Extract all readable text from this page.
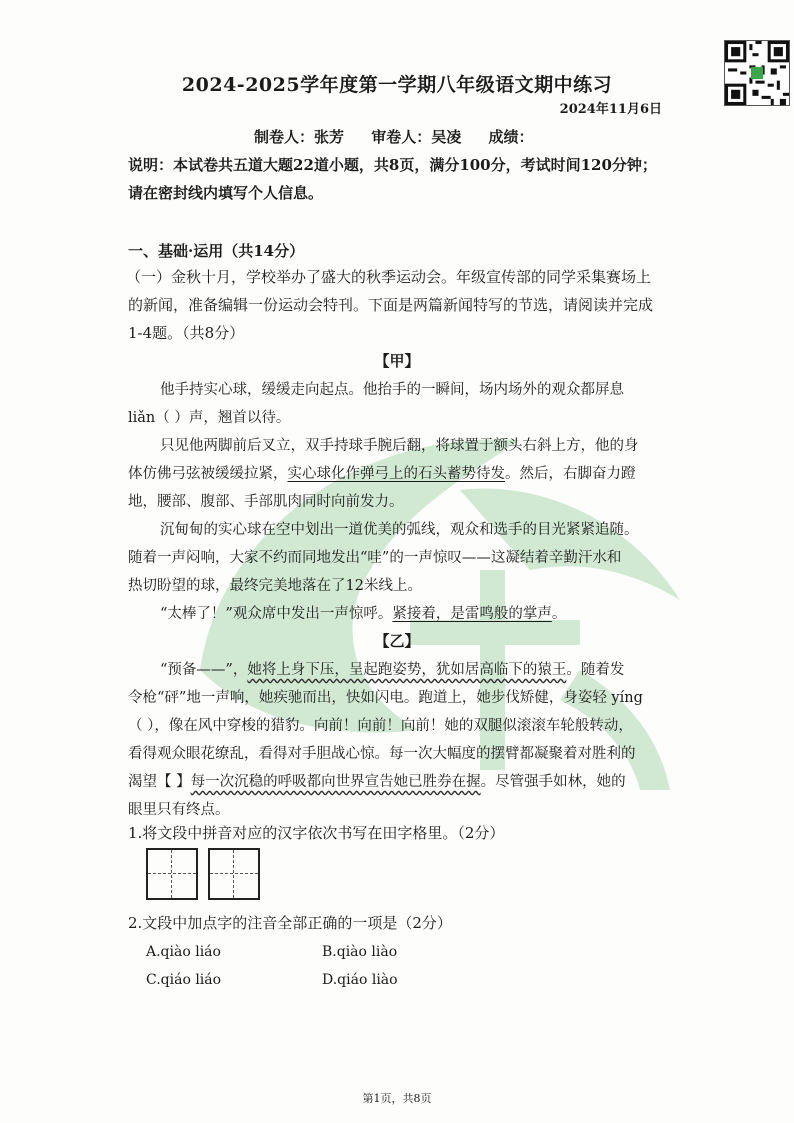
2024-2025学年度第一学期八年级语文期中练习
2024年11月6日
制卷人：张芳 审卷人：吴凌 成绩：
说明：本试卷共五道大题22道小题，共8页，满分100分，考试时间120分钟；
请在密封线内填写个人信息。
一、基础·运用（共14分）
（一）金秋十月，学校举办了盛大的秋季运动会。年级宣传部的同学采集赛场上
的新闻，准备编辑一份运动会特刊。下面是两篇新闻特写的节选，请阅读并完成
1-4题。（共8分）
【甲】
他手持实心球，缓缓走向起点。他抬手的一瞬间，场内场外的观众都屏息
liǎn（ ）声，翘首以待。
只见他两脚前后叉立，双手持球手腕后翻，将球置于额头右斜上方，他的身
体仿佛弓弦被缓缓拉紧，实心球化作弹弓上的石头蓄势待发。然后，右脚奋力蹬
地，腰部、腹部、手部肌肉同时向前发力。
沉甸甸的实心球在空中划出一道优美的弧线，观众和选手的目光紧紧追随。
随着一声闷响，大家不约而同地发出“哇”的一声惊叹——这凝结着辛勤汗水和
热切盼望的球，最终完美地落在了12米线上。
“太棒了！”观众席中发出一声惊呼。紧接着，是雷鸣般的掌声。
【乙】
“预备——”，她将上身下压，呈起跑姿势，犹如居高临下的猿王。随着发
令枪“砰”地一声响，她疾驰而出，快如闪电。跑道上，她步伐矫健，身姿轻 yíng
（ ），像在风中穿梭的猎豹。向前！向前！向前！她的双腿似滚滚车轮般转动，
看得观众眼花缭乱，看得对手胆战心惊。每一次大幅度的摆臂都凝聚着对胜利的
渴望【 】每一次沉稳的呼吸都向世界宣告她已胜券在握。尽管强手如林，她的
眼里只有终点。
1.将文段中拼音对应的汉字依次书写在田字格里。（2分）
2.文段中加点字的注音全部正确的一项是（2分）
A.qiào liáo	B.qiào liào
C.qiáo liáo	D.qiáo liào
第1页，共8页
